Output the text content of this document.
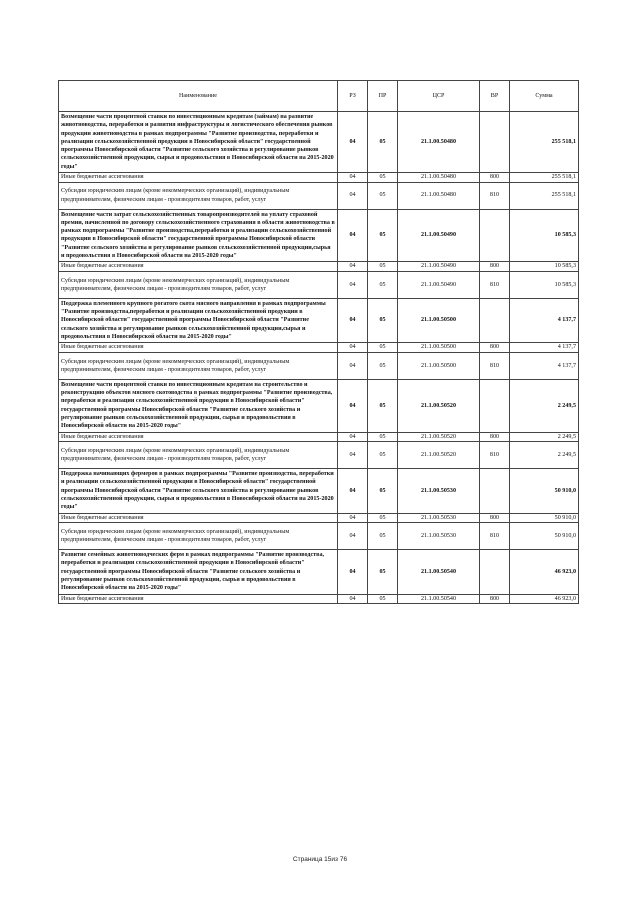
Наименование	РЗ	ПР	ЦСР	ВР	Сумма
Возмещение части процентной ставки по инвестиционным кредитам (займам) на развитие животноводства, переработки и развития инфраструктуры и логистического обеспечения рынков продукции животноводства в рамках подпрограммы "Развитие производства, переработки и реализации сельскохозяйственной продукции в Новосибирской области" государственной программы Новосибирской области "Развитие сельского хозяйства и регулирование рынков сельскохозяйственной продукции, сырья и продовольствия в Новосибирской области на 2015-2020 годы"	04	05	21.1.00.50480		255 518,1
Иные бюджетные ассигнования	04	05	21.1.00.50480	800	255 518,1
Субсидии юридическим лицам (кроме некоммерческих организаций), индивидуальным предпринимателям, физическим лицам - производителям товаров, работ, услуг	04	05	21.1.00.50480	810	255 518,1
Возмещение части затрат сельскохозяйственных товаропроизводителей на уплату страховой премии, начисленной по договору сельскохозяйственного страхования в области животноводства в рамках подпрограммы "Развитие производства,переработки и реализации сельскохозяйственной продукции в Новосибирской области" государственной программы Новосибирской области "Развитие сельского хозяйства и регулирование рынков сельскохозяйственной продукции,сырья и продовольствия в Новосибирской области на 2015-2020 годы"	04	05	21.1.00.50490		10 585,3
Иные бюджетные ассигнования	04	05	21.1.00.50490	800	10 585,3
Субсидии юридическим лицам (кроме некоммерческих организаций), индивидуальным предпринимателям, физическим лицам - производителям товаров, работ, услуг	04	05	21.1.00.50490	810	10 585,3
Поддержка племенного крупного рогатого скота мясного направления в рамках подпрограммы "Развитие производства,переработки и реализации сельскохозяйственной продукции в Новосибирской области" государственной программы Новосибирской области "Развитие сельского хозяйства и регулирование рынков сельскохозяйственной продукции,сырья и продовольствия в Новосибирской области на 2015-2020 годы"	04	05	21.1.00.50500		4 137,7
Иные бюджетные ассигнования	04	05	21.1.00.50500	800	4 137,7
Субсидии юридическим лицам (кроме некоммерческих организаций), индивидуальным предпринимателям, физическим лицам - производителям товаров, работ, услуг	04	05	21.1.00.50500	810	4 137,7
Возмещение части процентной ставки по инвестиционным кредитам на строительство и реконструкцию объектов мясного скотоводства в рамках подпрограммы "Развитие производства, переработки и реализации сельскохозяйственной продукции в Новосибирской области" государственной программы Новосибирской области "Развитие сельского хозяйства и регулирование рынков сельскохозяйственной продукции, сырья и продовольствия в Новосибирской области на 2015-2020 годы"	04	05	21.1.00.50520		2 249,5
Иные бюджетные ассигнования	04	05	21.1.00.50520	800	2 249,5
Субсидии юридическим лицам (кроме некоммерческих организаций), индивидуальным предпринимателям, физическим лицам - производителям товаров, работ, услуг	04	05	21.1.00.50520	810	2 249,5
Поддержка начинающих фермеров в рамках подпрограммы "Развитие производства, переработки и реализации сельскохозяйственной продукции в Новосибирской области" государственной программы Новосибирской области "Развитие сельского хозяйства и регулирование рынков сельскохозяйственной продукции, сырья и продовольствия в Новосибирской области на 2015-2020 годы"	04	05	21.1.00.50530		50 910,0
Иные бюджетные ассигнования	04	05	21.1.00.50530	800	50 910,0
Субсидии юридическим лицам (кроме некоммерческих организаций), индивидуальным предпринимателям, физическим лицам - производителям товаров, работ, услуг	04	05	21.1.00.50530	810	50 910,0
Развитие семейных животноводческих ферм в рамках подпрограммы "Развитие производства, переработки и реализации сельскохозяйственной продукции в Новосибирской области" государственной программы Новосибирской области "Развитие сельского хозяйства и регулирование рынков сельскохозяйственной продукции, сырья и продовольствия в Новосибирской области на 2015-2020 годы"	04	05	21.1.00.50540		46 923,0
Иные бюджетные ассигнования	04	05	21.1.00.50540	800	46 923,0
Страница 15из 76
